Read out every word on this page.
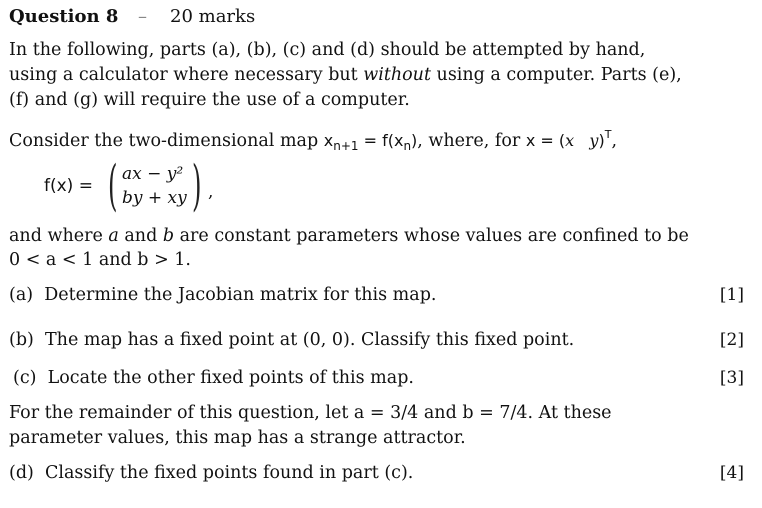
Question 8 – 20 marks
In the following, parts (a), (b), (c) and (d) should be attempted by hand,
using a calculator where necessary but without using a computer. Parts (e),
(f) and (g) will require the use of a computer.
Consider the two-dimensional map $x_{n+1} = f(x_n)$, where, for x = (x y)$^T$,
f(x) = ( ax − y²
by + xy ) ,
and where a and b are constant parameters whose values are confined to be
0 < a < 1 and b > 1.
(a) Determine the Jacobian matrix for this map.	[1]
(b) The map has a fixed point at (0, 0). Classify this fixed point.	[2]
(c) Locate the other fixed points of this map.	[3]
For the remainder of this question, let a = 3/4 and b = 7/4. At these
parameter values, this map has a strange attractor.
(d) Classify the fixed points found in part (c).	[4]
